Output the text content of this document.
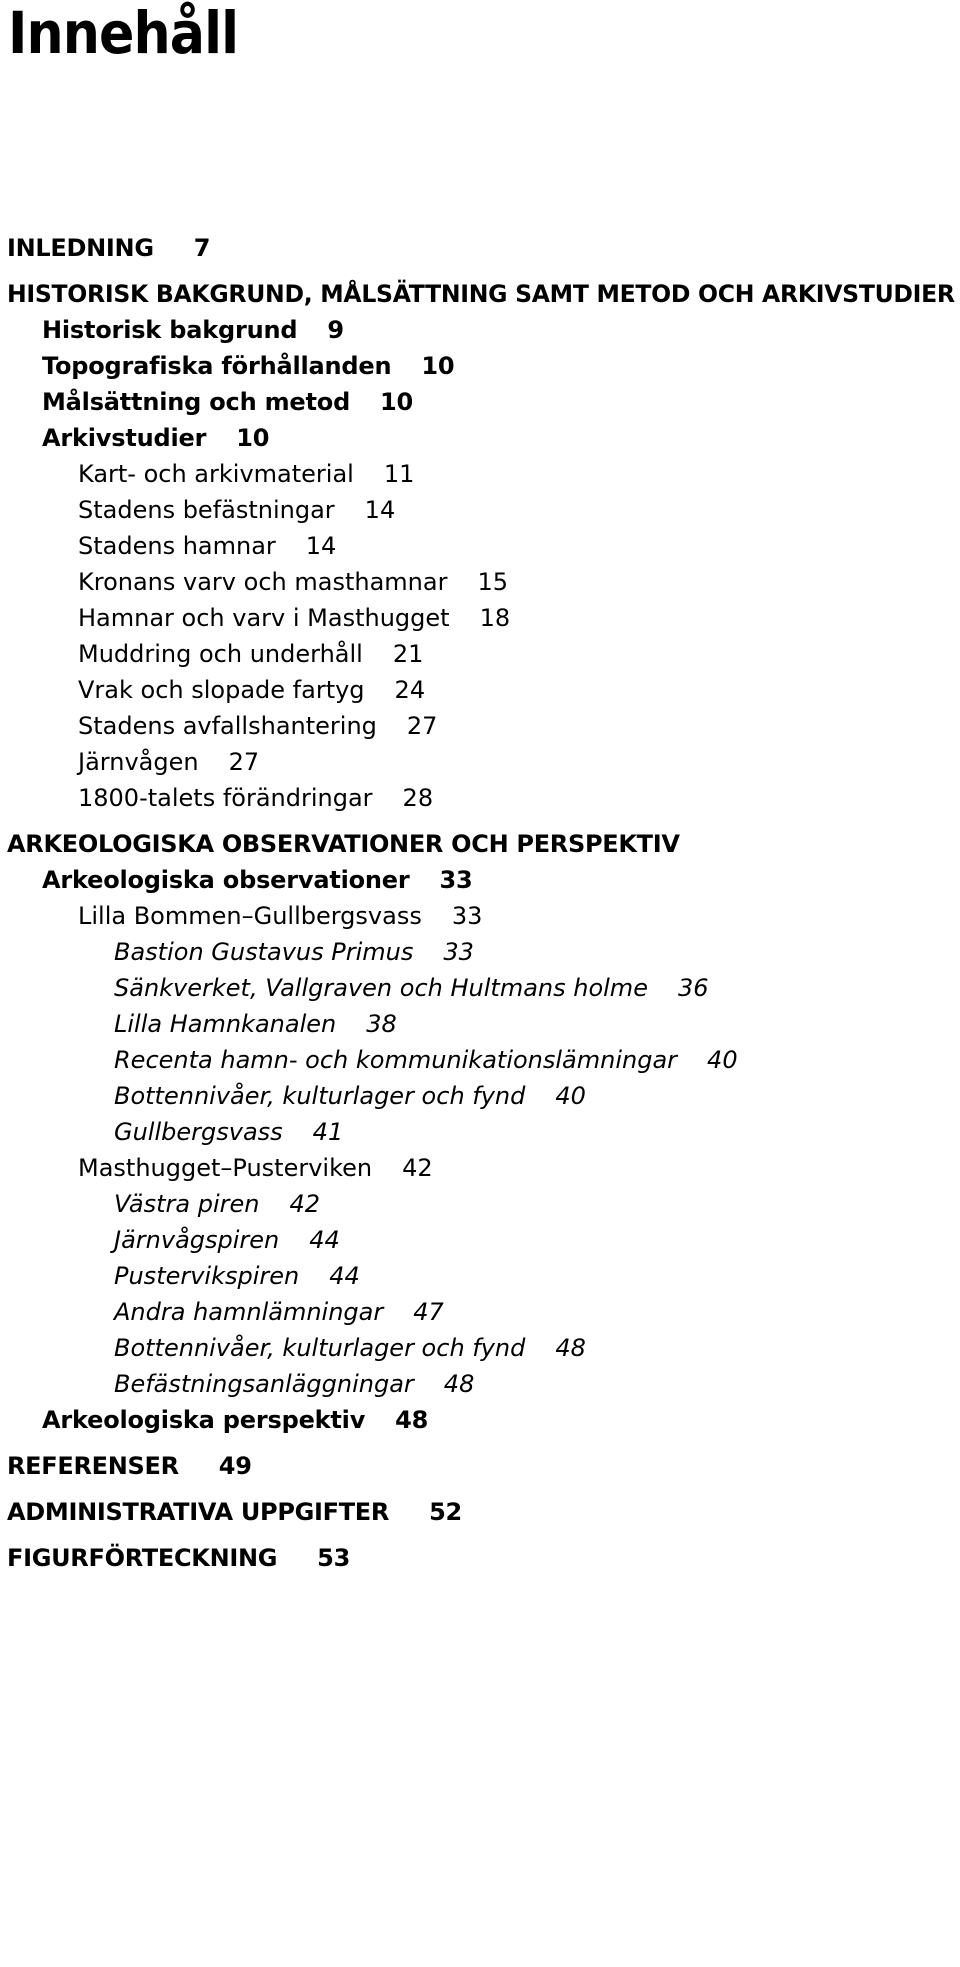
Innehåll
INLEDNING 7
HISTORISK BAKGRUND, MÅLSÄTTNING SAMT METOD OCH ARKIVSTUDIER
Historisk bakgrund 9
Topografiska förhållanden 10
Målsättning och metod 10
Arkivstudier 10
Kart- och arkivmaterial 11
Stadens befästningar 14
Stadens hamnar 14
Kronans varv och masthamnar 15
Hamnar och varv i Masthugget 18
Muddring och underhåll 21
Vrak och slopade fartyg 24
Stadens avfallshantering 27
Järnvågen 27
1800-talets förändringar 28
ARKEOLOGISKA OBSERVATIONER OCH PERSPEKTIV
Arkeologiska observationer 33
Lilla Bommen–Gullbergsvass 33
Bastion Gustavus Primus 33
Sänkverket, Vallgraven och Hultmans holme 36
Lilla Hamnkanalen 38
Recenta hamn- och kommunikationslämningar 40
Bottennivåer, kulturlager och fynd 40
Gullbergsvass 41
Masthugget–Pusterviken 42
Västra piren 42
Järnvågspiren 44
Pustervikspiren 44
Andra hamnlämningar 47
Bottennivåer, kulturlager och fynd 48
Befästningsanläggningar 48
Arkeologiska perspektiv 48
REFERENSER 49
ADMINISTRATIVA UPPGIFTER 52
FIGURFÖRTECKNING 53
